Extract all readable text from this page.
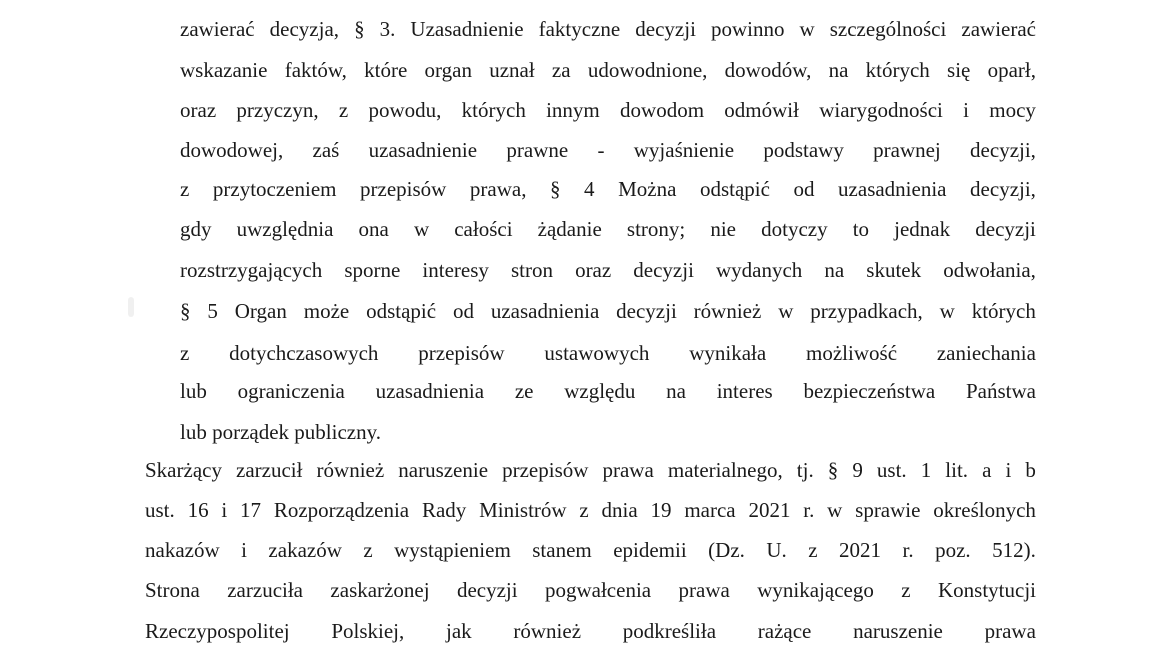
zawierać decyzja, § 3. Uzasadnienie faktyczne decyzji powinno w szczególności zawierać
wskazanie faktów, które organ uznał za udowodnione, dowodów, na których się oparł,
oraz przyczyn, z powodu, których innym dowodom odmówił wiarygodności i mocy
dowodowej, zaś uzasadnienie prawne - wyjaśnienie podstawy prawnej decyzji,
z przytoczeniem przepisów prawa, § 4 Można odstąpić od uzasadnienia decyzji,
gdy uwzględnia ona w całości żądanie strony; nie dotyczy to jednak decyzji
rozstrzygających sporne interesy stron oraz decyzji wydanych na skutek odwołania,
§ 5 Organ może odstąpić od uzasadnienia decyzji również w przypadkach, w których
z dotychczasowych przepisów ustawowych wynikała możliwość zaniechania
lub ograniczenia uzasadnienia ze względu na interes bezpieczeństwa Państwa
lub porządek publiczny.
Skarżący zarzucił również naruszenie przepisów prawa materialnego, tj. § 9 ust. 1 lit. a i b
ust. 16 i 17 Rozporządzenia Rady Ministrów z dnia 19 marca 2021 r. w sprawie określonych
nakazów i zakazów z wystąpieniem stanem epidemii (Dz. U. z 2021 r. poz. 512).
Strona zarzuciła zaskarżonej decyzji pogwałcenia prawa wynikającego z Konstytucji
Rzeczypospolitej Polskiej, jak również podkreśliła rażące naruszenie prawa
